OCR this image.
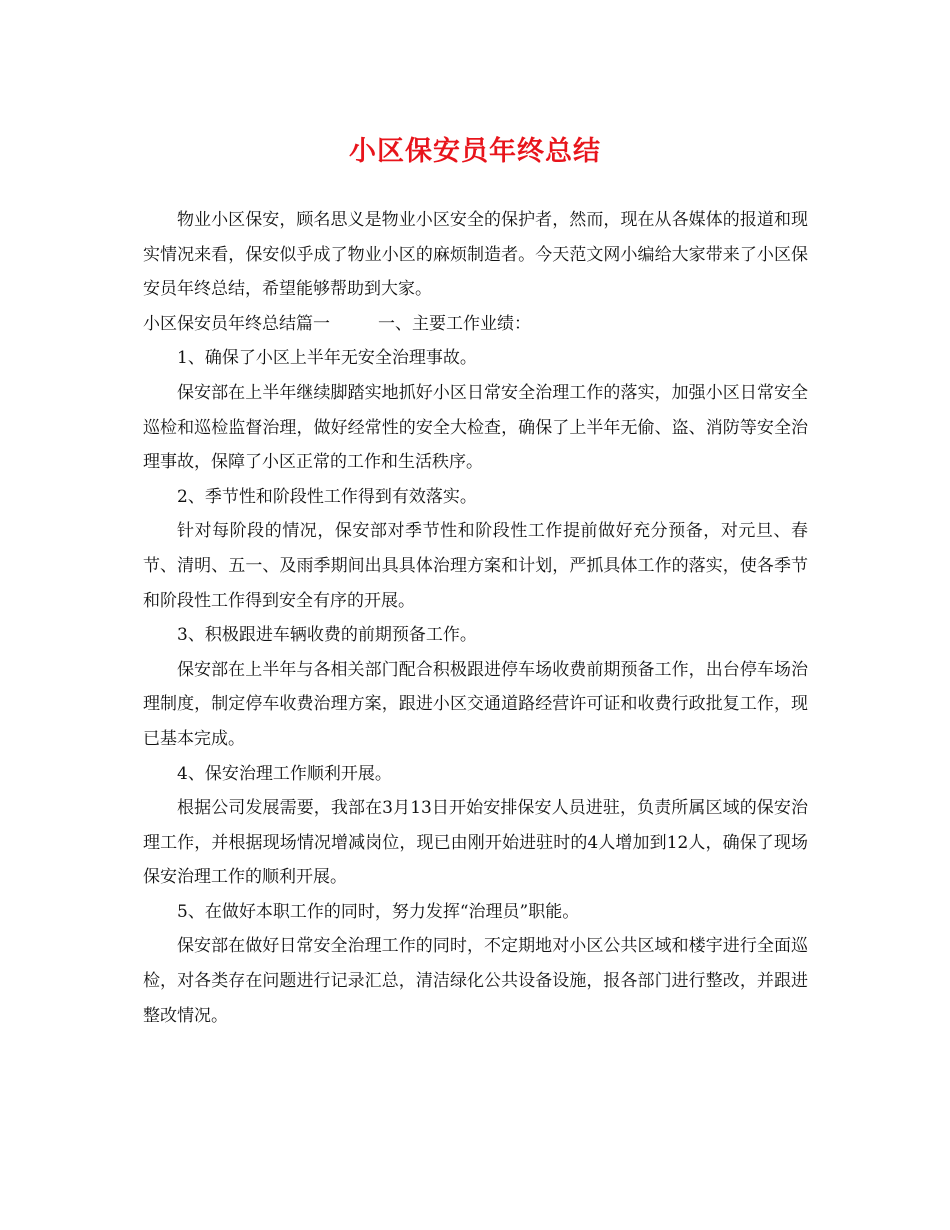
小区保安员年终总结

物业小区保安，顾名思义是物业小区安全的保护者，然而，现在从各媒体的报道和现实情况来看，保安似乎成了物业小区的麻烦制造者。今天范文网小编给大家带来了小区保安员年终总结，希望能够帮助到大家。

小区保安员年终总结篇一	一、主要工作业绩：

1、确保了小区上半年无安全治理事故。

保安部在上半年继续脚踏实地抓好小区日常安全治理工作的落实，加强小区日常安全巡检和巡检监督治理，做好经常性的安全大检查，确保了上半年无偷、盗、消防等安全治理事故，保障了小区正常的工作和生活秩序。

2、季节性和阶段性工作得到有效落实。

针对每阶段的情况，保安部对季节性和阶段性工作提前做好充分预备，对元旦、春节、清明、五一、及雨季期间出具具体治理方案和计划，严抓具体工作的落实，使各季节和阶段性工作得到安全有序的开展。

3、积极跟进车辆收费的前期预备工作。

保安部在上半年与各相关部门配合积极跟进停车场收费前期预备工作，出台停车场治理制度，制定停车收费治理方案，跟进小区交通道路经营许可证和收费行政批复工作，现已基本完成。

4、保安治理工作顺利开展。

根据公司发展需要，我部在3月13日开始安排保安人员进驻，负责所属区域的保安治理工作，并根据现场情况增减岗位，现已由刚开始进驻时的4人增加到12人，确保了现场保安治理工作的顺利开展。

5、在做好本职工作的同时，努力发挥“治理员”职能。

保安部在做好日常安全治理工作的同时，不定期地对小区公共区域和楼宇进行全面巡检，对各类存在问题进行记录汇总，清洁绿化公共设备设施，报各部门进行整改，并跟进整改情况。
